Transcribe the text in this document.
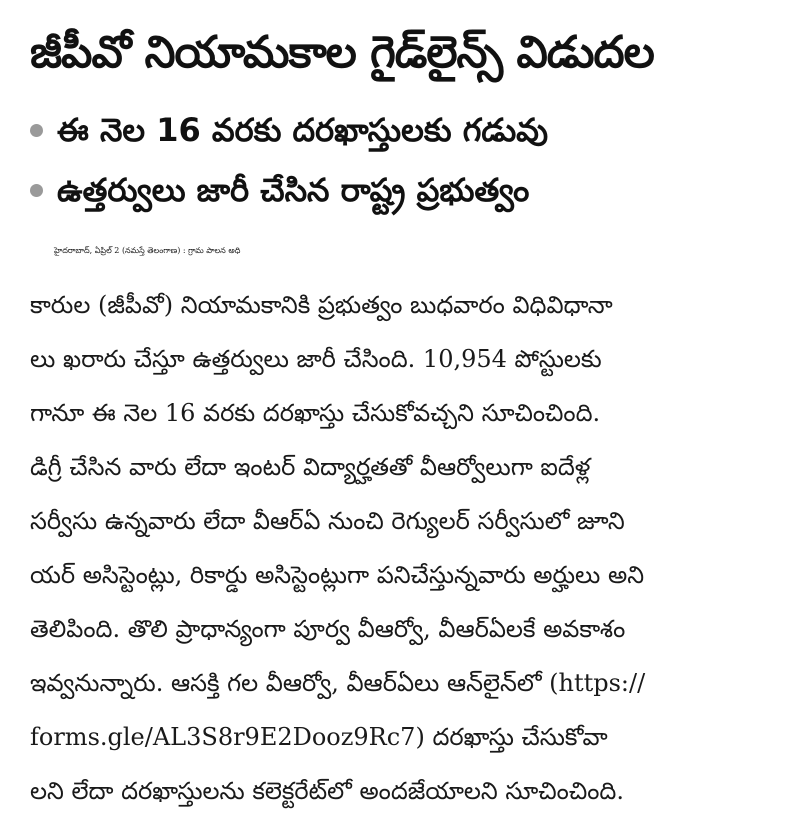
జీపీవో నియామకాల గైడ్‌లైన్స్ విడుదల
ఈ నెల 16 వరకు దరఖాస్తులకు గడువు
ఉత్తర్వులు జారీ చేసిన రాష్ట్ర ప్రభుత్వం
హైదరాబాద్, ఏప్రిల్ 2 (నమస్తే తెలంగాణ) : గ్రామ పాలన అధి
కారుల (జీపీవో) నియామకానికి ప్రభుత్వం బుధవారం విధివిధానా
లు ఖరారు చేస్తూ ఉత్తర్వులు జారీ చేసింది. 10,954 పోస్టులకు
గానూ ఈ నెల 16 వరకు దరఖాస్తు చేసుకోవచ్చని సూచించింది.
డిగ్రీ చేసిన వారు లేదా ఇంటర్ విద్యార్హతతో వీఆర్వోలుగా ఐదేళ్ల
సర్వీసు ఉన్నవారు లేదా వీఆర్ఏ నుంచి రెగ్యులర్ సర్వీసులో జూని
యర్ అసిస్టెంట్లు, రికార్డు అసిస్టెంట్లుగా పనిచేస్తున్నవారు అర్హులు అని
తెలిపింది. తొలి ప్రాధాన్యంగా పూర్వ వీఆర్వో, వీఆర్ఏలకే అవకాశం
ఇవ్వనున్నారు. ఆసక్తి గల వీఆర్వో, వీఆర్ఏలు ఆన్‌లైన్‌లో (https://
forms.gle/AL3S8r9E2Dooz9Rc7) దరఖాస్తు చేసుకోవా
లని లేదా దరఖాస్తులను కలెక్టరేట్‌లో అందజేయాలని సూచించింది.
